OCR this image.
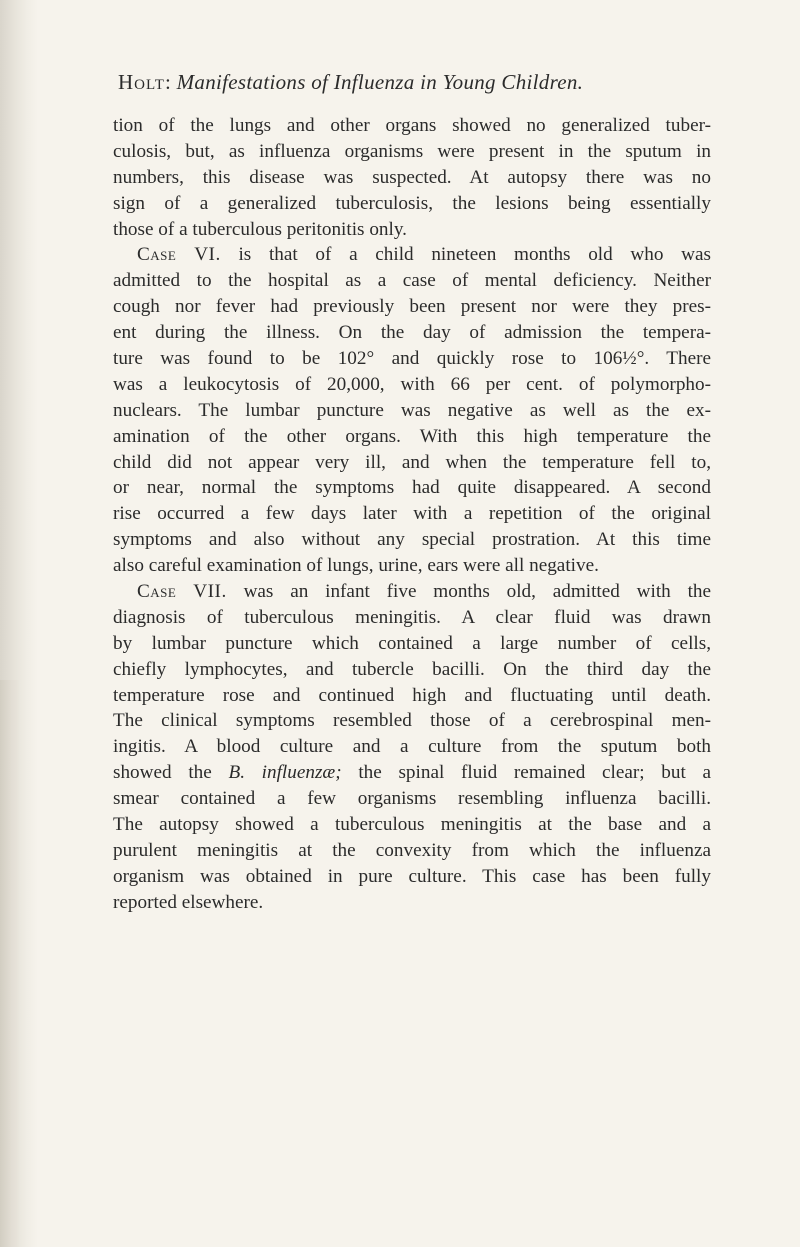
Holt: Manifestations of Influenza in Young Children.
tion of the lungs and other organs showed no generalized tuber-
culosis, but, as influenza organisms were present in the sputum in
numbers, this disease was suspected. At autopsy there was no
sign of a generalized tuberculosis, the lesions being essentially
those of a tuberculous peritonitis only.
Case VI. is that of a child nineteen months old who was
admitted to the hospital as a case of mental deficiency. Neither
cough nor fever had previously been present nor were they pres-
ent during the illness. On the day of admission the tempera-
ture was found to be 102° and quickly rose to 106½°. There
was a leukocytosis of 20,000, with 66 per cent. of polymorpho-
nuclears. The lumbar puncture was negative as well as the ex-
amination of the other organs. With this high temperature the
child did not appear very ill, and when the temperature fell to,
or near, normal the symptoms had quite disappeared. A second
rise occurred a few days later with a repetition of the original
symptoms and also without any special prostration. At this time
also careful examination of lungs, urine, ears were all negative.
Case VII. was an infant five months old, admitted with the
diagnosis of tuberculous meningitis. A clear fluid was drawn
by lumbar puncture which contained a large number of cells,
chiefly lymphocytes, and tubercle bacilli. On the third day the
temperature rose and continued high and fluctuating until death.
The clinical symptoms resembled those of a cerebrospinal men-
ingitis. A blood culture and a culture from the sputum both
showed the B. influenzæ; the spinal fluid remained clear; but a
smear contained a few organisms resembling influenza bacilli.
The autopsy showed a tuberculous meningitis at the base and a
purulent meningitis at the convexity from which the influenza
organism was obtained in pure culture. This case has been fully
reported elsewhere.
